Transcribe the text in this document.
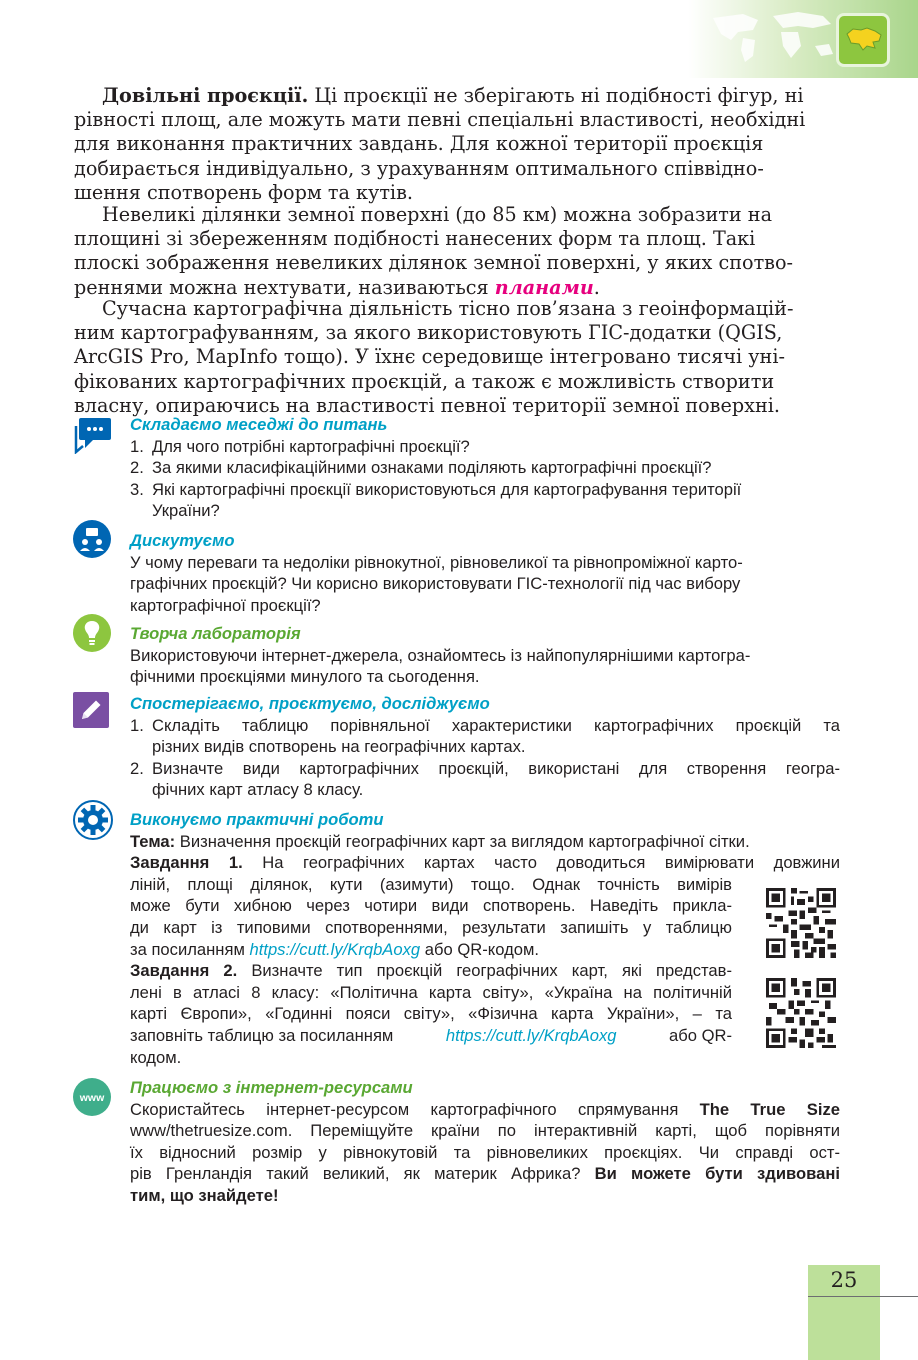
Довільні проєкції. Ці проєкції не зберігають ні подібності фігур, ні
рівності площ, але можуть мати певні спеціальні властивості, необхідні
для виконання практичних завдань. Для кожної території проєкція
добирається індивідуально, з урахуванням оптимального співвідно-
шення спотворень форм та кутів.
Невеликі ділянки земної поверхні (до 85 км) можна зобразити на
площині зі збереженням подібності нанесених форм та площ. Такі
плоскі зображення невеликих ділянок земної поверхні, у яких спотво-
реннями можна нехтувати, називаються планами.
Сучасна картографічна діяльність тісно пов’язана з геоінформацій-
ним картографуванням, за якого використовують ГІС-додатки (QGIS,
ArcGIS Pro, MapInfo тощо). У їхнє середовище інтегровано тисячі уні-
фікованих картографічних проєкцій, а також є можливість створити
власну, опираючись на властивості певної території земної поверхні.
Складаємо меседжі до питань
1. Для чого потрібні картографічні проєкції?
2. За якими класифікаційними ознаками поділяють картографічні проєкції?
3. Які картографічні проєкції використовуються для картографування території
України?
Дискутуємо
У чому переваги та недоліки рівнокутної, рівновеликої та рівнопроміжної карто-
графічних проєкцій? Чи корисно використовувати ГІС-технології під час вибору
картографічної проєкції?
Творча лабораторія
Використовуючи інтернет-джерела, ознайомтесь із найпопулярнішими картогра-
фічними проєкціями минулого та сьогодення.
Спостерігаємо, проєктуємо, досліджуємо
1. Складіть таблицю порівняльної характеристики картографічних проєкцій та
різних видів спотворень на географічних картах.
2. Визначте види картографічних проєкцій, використані для створення геогра-
фічних карт атласу 8 класу.
Виконуємо практичні роботи
Тема: Визначення проєкцій географічних карт за виглядом картографічної сітки.
Завдання 1. На географічних картах часто доводиться вимірювати довжини
ліній, площі ділянок, кути (азимути) тощо. Однак точність вимірів
може бути хибною через чотири види спотворень. Наведіть прикла-
ди карт із типовими спотвореннями, результати запишіть у таблицю
за посиланням https://cutt.ly/KrqbAoxg або QR-кодом.
Завдання 2. Визначте тип проєкцій географічних карт, які представ-
лені в атласі 8 класу: «Політична карта світу», «Україна на політичній
карті Європи», «Годинні пояси світу», «Фізична карта України», – та
заповніть таблицю за посиланням	https://cutt.ly/KrqbAoxg	або QR-
кодом.
www
Працюємо з інтернет-ресурсами
Скористайтесь інтернет-ресурсом картографічного спрямування The True Size
www/thetruesize.com. Переміщуйте країни по інтерактивній карті, щоб порівняти
їх відносний розмір у рівнокутовій та рівновеликих проєкціях. Чи справді ост-
рів Гренландія такий великий, як материк Африка? Ви можете бути здивовані
тим, що знайдете!
25
